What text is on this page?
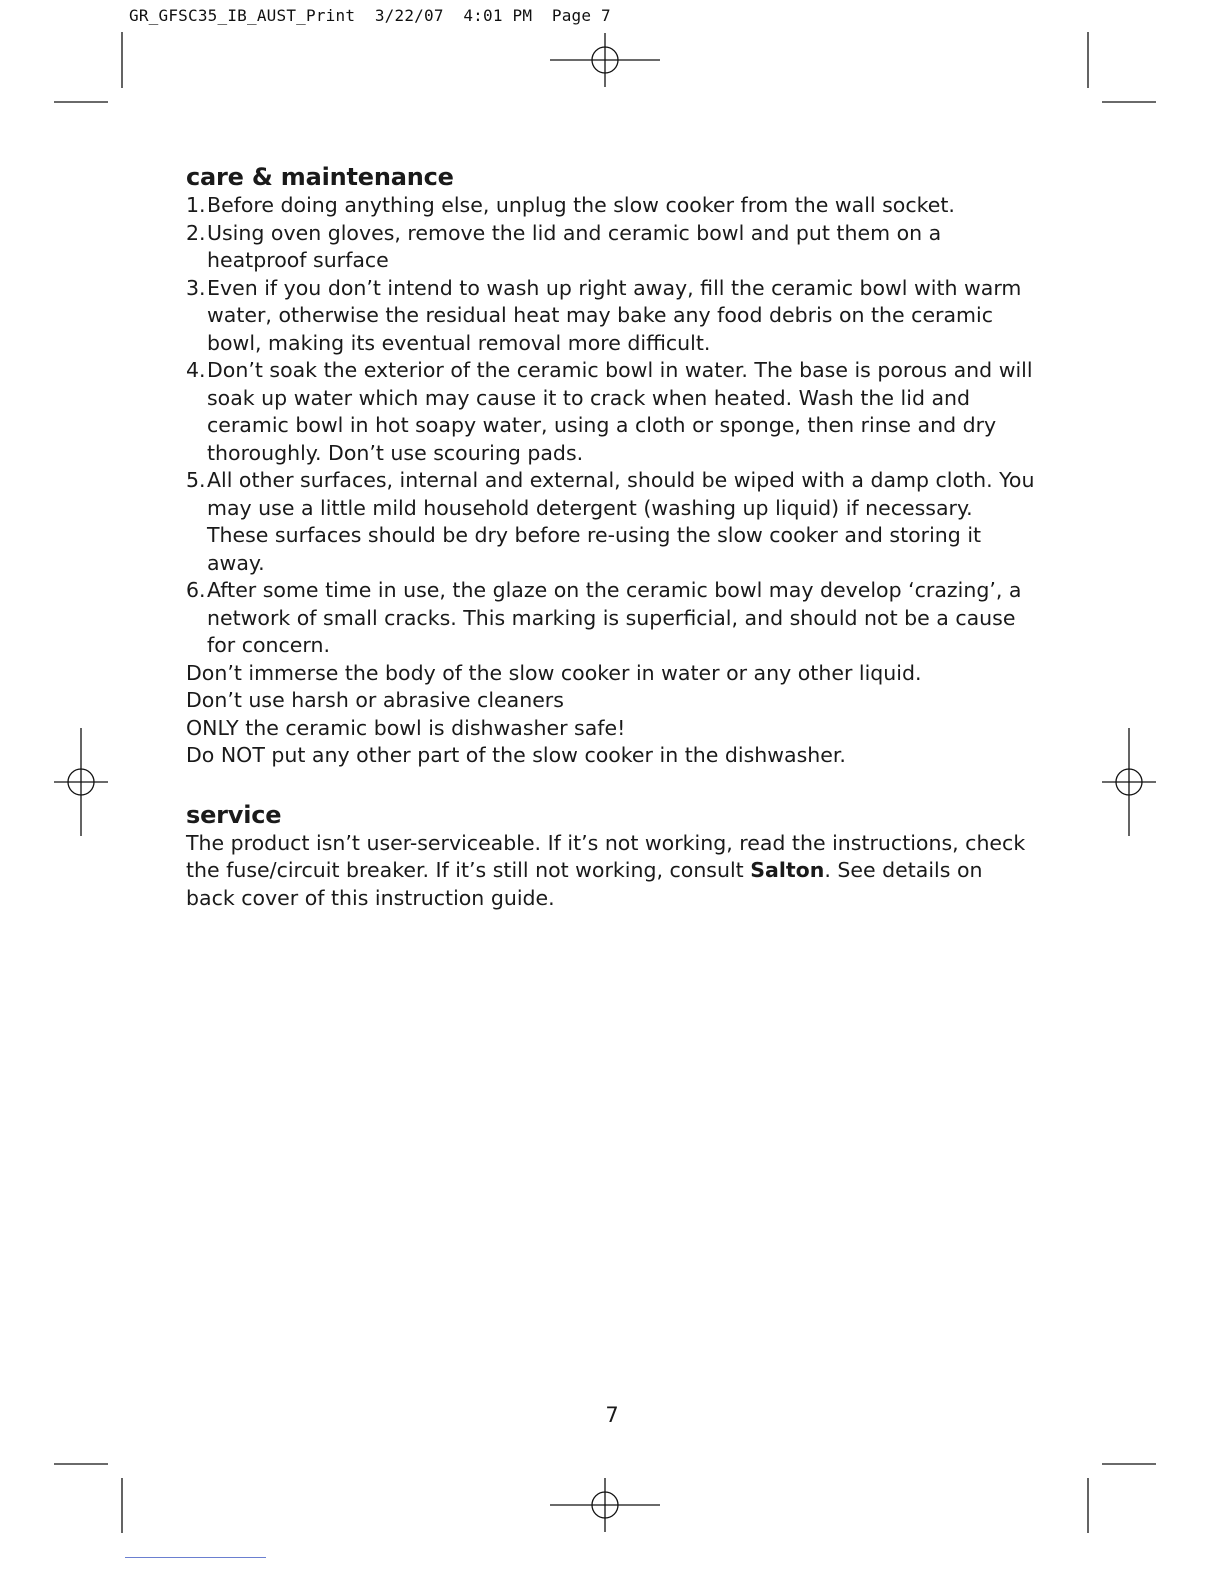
GR_GFSC35_IB_AUST_Print 3/22/07 4:01 PM Page 7
care & maintenance
1. Before doing anything else, unplug the slow cooker from the wall socket.
2. Using oven gloves, remove the lid and ceramic bowl and put them on a heatproof surface
3. Even if you don’t intend to wash up right away, fill the ceramic bowl with warm water, otherwise the residual heat may bake any food debris on the ceramic bowl, making its eventual removal more difficult.
4. Don’t soak the exterior of the ceramic bowl in water. The base is porous and will soak up water which may cause it to crack when heated. Wash the lid and ceramic bowl in hot soapy water, using a cloth or sponge, then rinse and dry thoroughly. Don’t use scouring pads.
5. All other surfaces, internal and external, should be wiped with a damp cloth. You may use a little mild household detergent (washing up liquid) if necessary. These surfaces should be dry before re-using the slow cooker and storing it away.
6. After some time in use, the glaze on the ceramic bowl may develop ‘crazing’, a network of small cracks. This marking is superficial, and should not be a cause for concern.

Don’t immerse the body of the slow cooker in water or any other liquid.

Don’t use harsh or abrasive cleaners

ONLY the ceramic bowl is dishwasher safe!

Do NOT put any other part of the slow cooker in the dishwasher.

service

The product isn’t user-serviceable. If it’s not working, read the instructions, check the fuse/circuit breaker. If it’s still not working, consult Salton. See details on back cover of this instruction guide.

7
